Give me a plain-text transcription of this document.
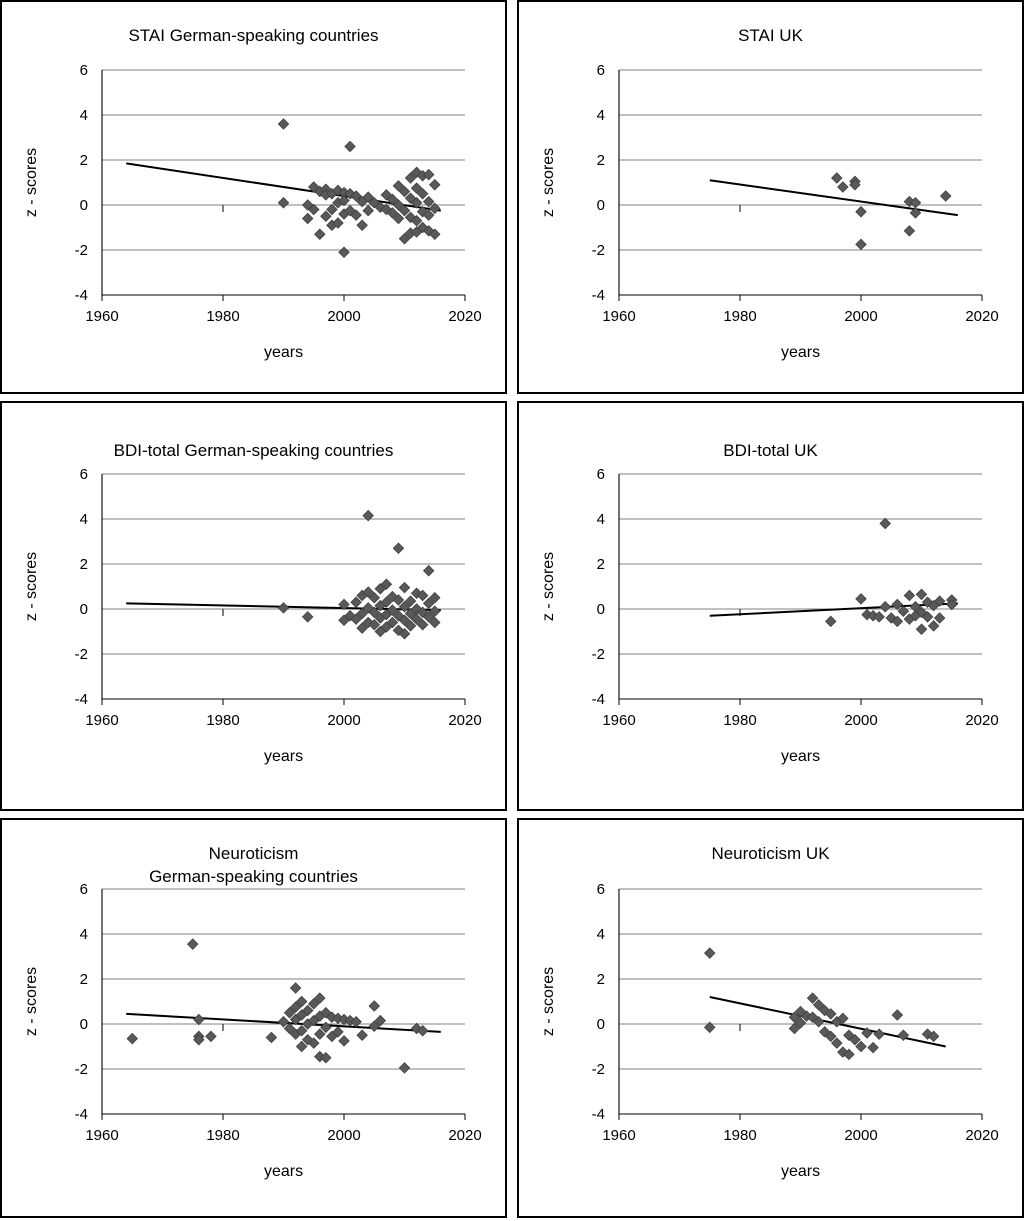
STAI German-speaking countries
1960	1980	2000	2020
-4
-2
0
2
4
6
years
z - scores
STAI UK
1960	1980	2000	2020
-4
-2
0
2
4
6
years
z - scores
BDI-total German-speaking countries
1960	1980	2000	2020
-4
-2
0
2
4
6
years
z - scores
BDI-total UK
1960	1980	2000	2020
-4
-2
0
2
4
6
years
z - scores
Neuroticism
German-speaking countries
1960	1980	2000	2020
-4
-2
0
2
4
6
years
z - scores
Neuroticism UK
1960	1980	2000	2020
-4
-2
0
2
4
6
years
z - scores
